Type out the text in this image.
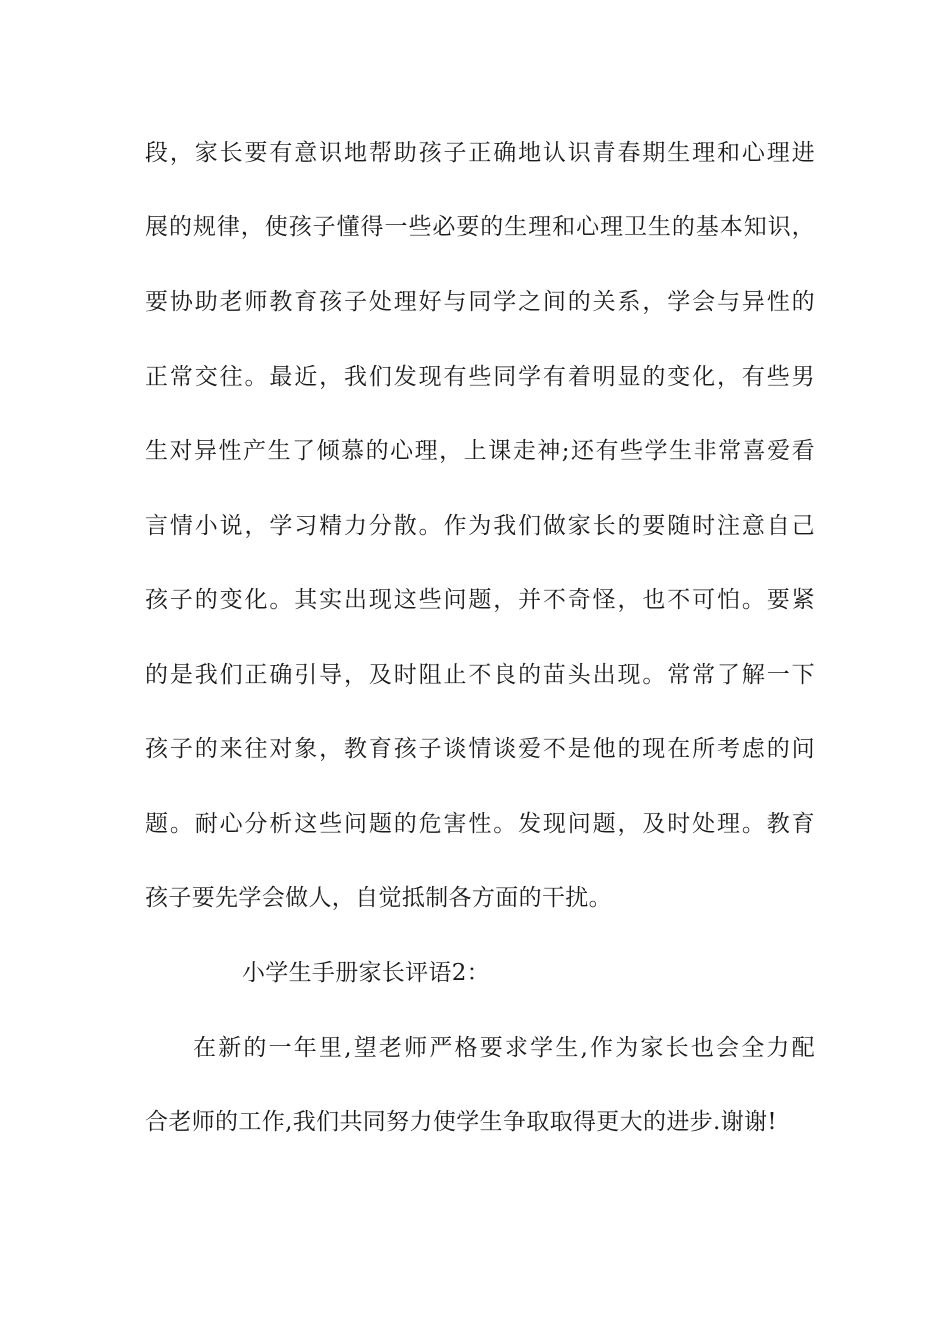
段，家长要有意识地帮助孩子正确地认识青春期生理和心理进
展的规律，使孩子懂得一些必要的生理和心理卫生的基本知识，
要协助老师教育孩子处理好与同学之间的关系，学会与异性的
正常交往。最近，我们发现有些同学有着明显的变化，有些男
生对异性产生了倾慕的心理，上课走神;还有些学生非常喜爱看
言情小说，学习精力分散。作为我们做家长的要随时注意自己
孩子的变化。其实出现这些问题，并不奇怪，也不可怕。要紧
的是我们正确引导，及时阻止不良的苗头出现。常常了解一下
孩子的来往对象，教育孩子谈情谈爱不是他的现在所考虑的问
题。耐心分析这些问题的危害性。发现问题，及时处理。教育
孩子要先学会做人，自觉抵制各方面的干扰。
小学生手册家长评语2：
在新的一年里,望老师严格要求学生,作为家长也会全力配
合老师的工作,我们共同努力使学生争取取得更大的进步.谢谢!
